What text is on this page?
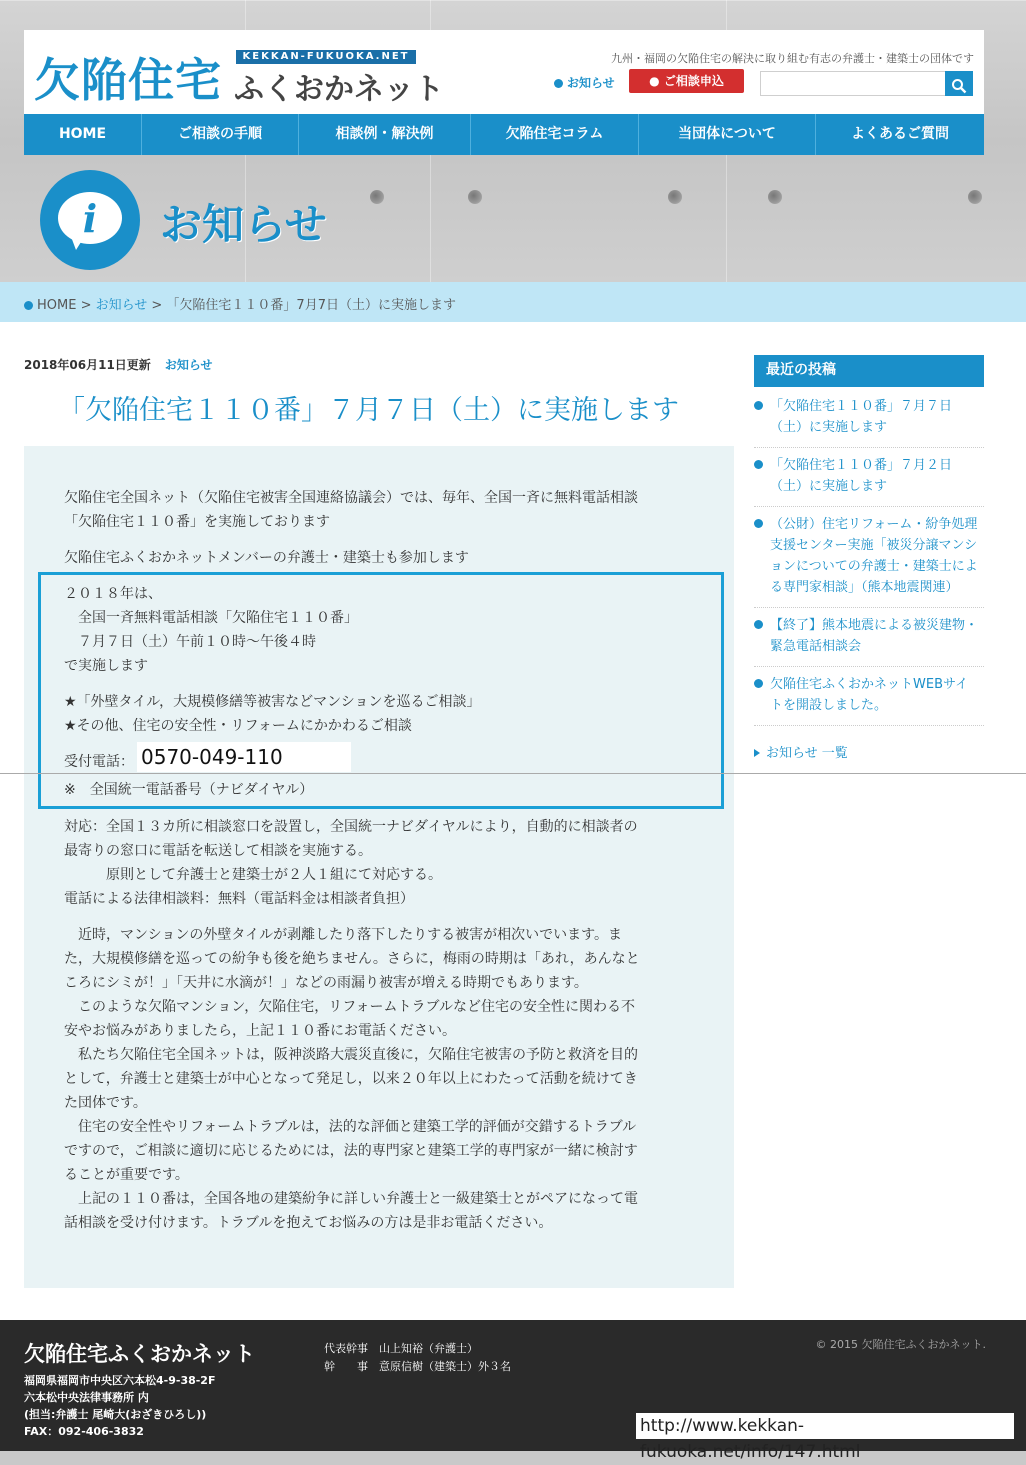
欠陥住宅	KEKKAN-FUKUOKA.NET
ふくおかネット
九州・福岡の欠陥住宅の解決に取り組む有志の弁護士・建築士の団体です
お知らせ	● ご相談申込
HOME	ご相談の手順	相談例・解決例	欠陥住宅コラム	当団体について	よくあるご質問
i	お知らせ
HOME > お知らせ > 「欠陥住宅１１０番」7月7日（土）に実施します
2018年06月11日更新 お知らせ
「欠陥住宅１１０番」７月７日（土）に実施します
欠陥住宅全国ネット（欠陥住宅被害全国連絡協議会）では、毎年、全国一斉に無料電話相談
「欠陥住宅１１０番」を実施しております
欠陥住宅ふくおかネットメンバーの弁護士・建築士も参加します
２０１８年は、
　全国一斉無料電話相談「欠陥住宅１１０番」
　７月７日（土）午前１０時～午後４時
で実施します
★「外壁タイル，大規模修繕等被害などマンションを巡るご相談」
★その他、住宅の安全性・リフォームにかかわるご相談
受付電話： 0570-049-110
※　全国統一電話番号（ナビダイヤル）
対応：全国１３カ所に相談窓口を設置し，全国統一ナビダイヤルにより，自動的に相談者の
最寄りの窓口に電話を転送して相談を実施する。
　　　原則として弁護士と建築士が２人１組にて対応する。
電話による法律相談料：無料（電話料金は相談者負担）
　近時，マンションの外壁タイルが剥離したり落下したりする被害が相次いでいます。ま
た，大規模修繕を巡っての紛争も後を絶ちません。さらに，梅雨の時期は「あれ，あんなと
ころにシミが！」「天井に水滴が！」などの雨漏り被害が増える時期でもあります。
　このような欠陥マンション，欠陥住宅，リフォームトラブルなど住宅の安全性に関わる不
安やお悩みがありましたら，上記１１０番にお電話ください。
　私たち欠陥住宅全国ネットは，阪神淡路大震災直後に，欠陥住宅被害の予防と救済を目的
として，弁護士と建築士が中心となって発足し，以来２０年以上にわたって活動を続けてき
た団体です。
　住宅の安全性やリフォームトラブルは，法的な評価と建築工学的評価が交錯するトラブル
ですので，ご相談に適切に応じるためには，法的専門家と建築工学的専門家が一緒に検討す
ることが重要です。
　上記の１１０番は，全国各地の建築紛争に詳しい弁護士と一級建築士とがペアになって電
話相談を受け付けます。トラブルを抱えてお悩みの方は是非お電話ください。
最近の投稿
「欠陥住宅１１０番」７月７日
（土）に実施します
「欠陥住宅１１０番」７月２日
（土）に実施します
（公財）住宅リフォーム・紛争処理
支援センター実施「被災分譲マンシ
ョンについての弁護士・建築士によ
る専門家相談」（熊本地震関連）
【終了】熊本地震による被災建物・
緊急電話相談会
欠陥住宅ふくおかネットWEBサイ
トを開設しました。
お知らせ 一覧
欠陥住宅ふくおかネット
福岡県福岡市中央区六本松4-9-38-2F
六本松中央法律事務所 内
(担当:弁護士 尾崎大(おざきひろし))
FAX：092-406-3832
代表幹事　山上知裕（弁護士）
幹　　事　意原信樹（建築士）外３名
© 2015 欠陥住宅ふくおかネット.
http://www.kekkan-fukuoka.net/info/147.html
